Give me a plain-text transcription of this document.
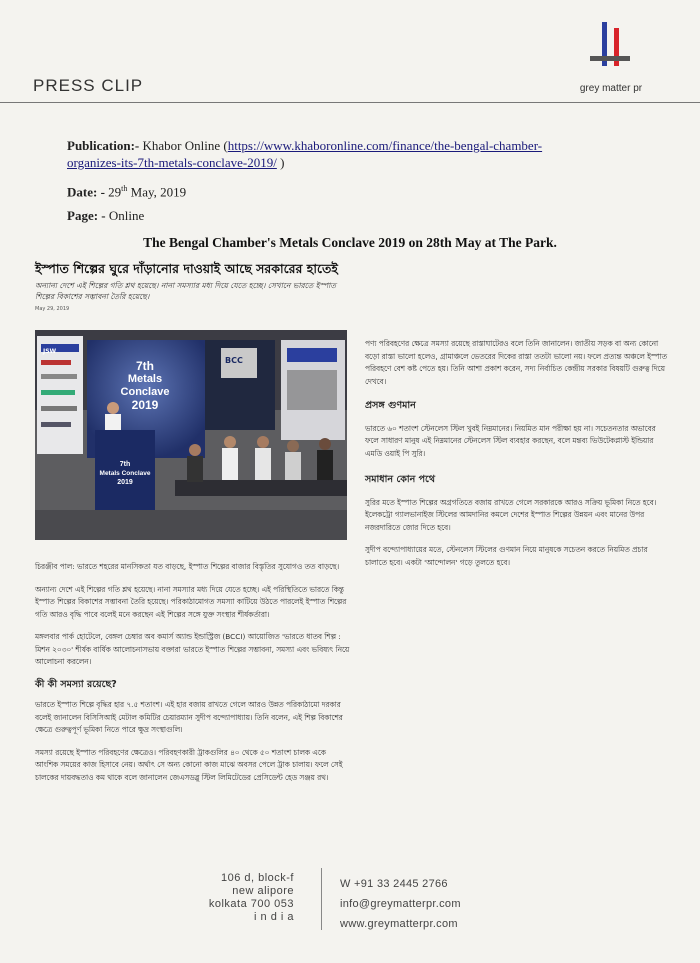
PRESS CLIP	grey matter pr
Publication:- Khabor Online (https://www.khaboronline.com/finance/the-bengal-chamber-
organizes-its-7th-metals-conclave-2019/ )
Date: - 29th May, 2019
Page: - Online
The Bengal Chamber's Metals Conclave 2019 on 28th May at The Park.
ইস্পাত শিল্পের ঘুরে দাঁড়ানোর দাওয়াই আছে সরকারের হাতেই
অন্যান্য দেশে এই শিল্পের গতি শ্লথ হয়েছে। নানা সমস্যার মধ্য দিয়ে যেতে হচ্ছে। সেখানে ভারতে ইস্পাত শিল্পের বিকাশের সম্ভাবনা তৈরি হয়েছে।
May 29, 2019
JSW
7th
Metals Conclave
2019
BCC
7th
Metals Conclave
2019

চিরঞ্জীব পাল: ভারতে শহরের মানসিকতা যত বাড়ছে, ইস্পাত শিল্পের বাজার বিস্তৃতির সুযোগও তত বাড়ছে।

অন্যান্য দেশে এই শিল্পের গতি শ্লথ হয়েছে। নানা সমস্যার মধ্য দিয়ে যেতে হচ্ছে। এই পরিস্থিতিতে ভারতে কিন্তু ইস্পাত শিল্পের বিকাশের সম্ভাবনা তৈরি হয়েছে। পরিকাঠামোগত সমস্যা কাটিয়ে উঠতে পারলেই ইস্পাত শিল্পের গতি আরও বৃদ্ধি পাবে বলেই মনে করছেন এই শিল্পের সঙ্গে যুক্ত সংস্থার শীর্ষকর্তারা।

মঙ্গলবার পার্ক হোটেলে, বেঙ্গল চেম্বার অব কমার্স অ্যান্ড ইন্ডাস্ট্রিজ (BCCI) আয়োজিত 'ভারতে ধাতব শিল্প : মিশন ২০৩০' শীর্ষক বার্ষিক আলোচনাসভায় বক্তারা ভারতে ইস্পাত শিল্পের সম্ভাবনা, সমস্যা এবং ভবিষ্যৎ নিয়ে আলোচনা করলেন।

কী কী সমস্যা রয়েছে?

ভারতে ইস্পাত শিল্পে বৃদ্ধির হার ৭.৫ শতাংশ। এই হার বজায় রাখতে গেলে আরও উন্নত পরিকাঠামো দরকার বলেই জানালেন বিসিসিআই মেটাল কমিটির চেয়ারম্যান সুদীপ বন্দ্যোপাধ্যায়। তিনি বলেন, এই শিল্প বিকাশের ক্ষেত্রে গুরুত্বপূর্ণ ভূমিকা নিতে পারে ক্ষুদ্র সংস্থাগুলি।

সমস্যা রয়েছে ইস্পাত পরিবহণের ক্ষেত্রেও। পরিবহণকারী ট্রাকগুলির ৪০ থেকে ৫০ শতাংশ চালক একে আংশিক সময়ের কাজ হিসাবে নেয়। অর্থাৎ সে অন্য কোনো কাজ মাঝে অবসর পেলে ট্রাক চালায়। ফলে সেই চালকের দায়বদ্ধতাও কম থাকে বলে জানালেন জেএসডব্লু স্টিল লিমিটেডের প্রেসিডেন্ট হেড সঞ্জয় রথ।

পণ্য পরিবহণের ক্ষেত্রে সমস্যা রয়েছে রাস্তাঘাটেরও বলে তিনি জানালেন। জাতীয় সড়ক বা অন্য কোনো বড়ো রাস্তা ভালো হলেও, গ্রামাঞ্চলে ভেতরের দিকের রাস্তা ততটা ভালো নয়। ফলে প্রত্যন্ত অঞ্চলে ইস্পাত পরিবহণে বেশ কষ্ট পেতে হয়। তিনি আশা প্রকাশ করেন, সদ্য নির্বাচিত কেন্দ্রীয় সরকার বিষয়টি গুরুত্ব দিয়ে দেখবে।

প্রসঙ্গ গুণমান

ভারতে ৬০ শতাংশ স্টেনলেস স্টিল খুবই নিম্নমানের। নিয়মিত মান পরীক্ষা হয় না। সচেতনতার অভাবের ফলে সাধারণ মানুষ এই নিম্নমানের স্টেনলেস স্টিল ব্যবহার করছেন, বলে মন্তব্য ভিউটেকপ্লাস্ট ইন্ডিয়ার এমডি ওয়াই পি সুরি।

সমাধান কোন পথে

সুরির মতে ইস্পাত শিল্পের অগ্রগতিতে বজায় রাখতে গেলে সরকারকে আরও সক্রিয় ভূমিকা নিতে হবে। ইলেকট্রো গ্যালভানাইজ স্টিলের আমদানির কমলে দেশের ইস্পাত শিল্পের উন্নয়ন এবং মানের উপর নজরদারিতে জোর দিতে হবে।

সুদীপ বন্দ্যোপাধ্যায়ের মতে, স্টেনলেস স্টিলের গুণমান নিয়ে মানুষকে সচেতন করতে নিয়মিত প্রচার চালাতে হবে। একটা 'আন্দোলন' গড়ে তুলতে হবে।

106 d, block-f
new alipore
kolkata 700 053
i n d i a
W +91 33 2445 2766
info@greymatterpr.com
www.greymatterpr.com
